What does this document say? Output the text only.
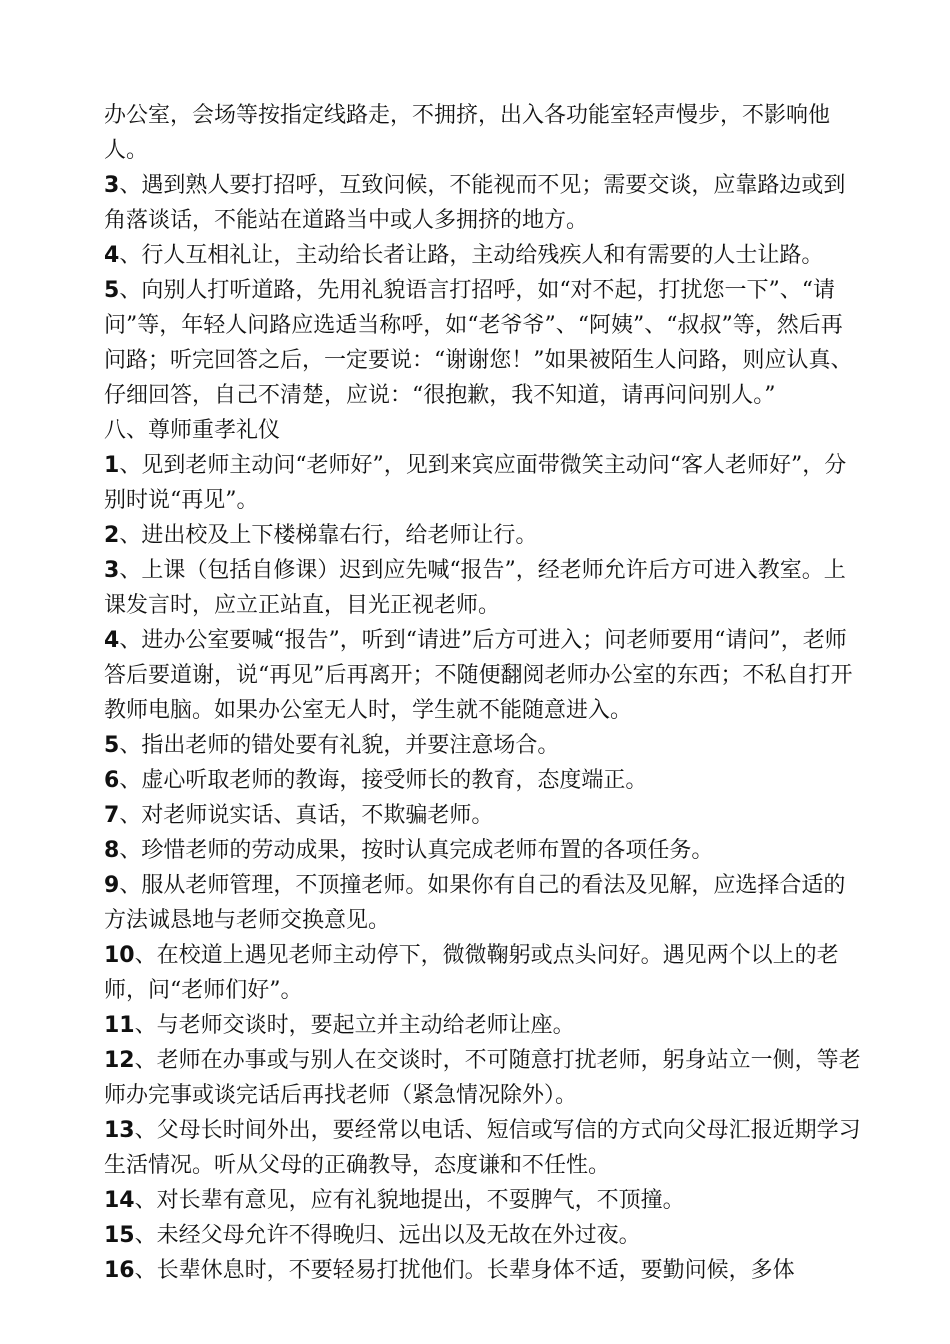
办公室，会场等按指定线路走，不拥挤，出入各功能室轻声慢步，不影响他人。

3、遇到熟人要打招呼，互致问候，不能视而不见；需要交谈，应靠路边或到角落谈话，不能站在道路当中或人多拥挤的地方。

4、行人互相礼让，主动给长者让路，主动给残疾人和有需要的人士让路。

5、向别人打听道路，先用礼貌语言打招呼，如“对不起，打扰您一下”、“请问”等，年轻人问路应选适当称呼，如“老爷爷”、“阿姨”、“叔叔”等，然后再问路；听完回答之后，一定要说：“谢谢您！”如果被陌生人问路，则应认真、仔细回答，自己不清楚，应说：“很抱歉，我不知道，请再问问别人。”

八、尊师重孝礼仪

1、见到老师主动问“老师好”，见到来宾应面带微笑主动问“客人老师好”，分别时说“再见”。

2、进出校及上下楼梯靠右行，给老师让行。

3、上课（包括自修课）迟到应先喊“报告”，经老师允许后方可进入教室。上课发言时，应立正站直，目光正视老师。

4、进办公室要喊“报告”，听到“请进”后方可进入；问老师要用“请问”，老师答后要道谢，说“再见”后再离开；不随便翻阅老师办公室的东西；不私自打开教师电脑。如果办公室无人时，学生就不能随意进入。

5、指出老师的错处要有礼貌，并要注意场合。

6、虚心听取老师的教诲，接受师长的教育，态度端正。

7、对老师说实话、真话，不欺骗老师。

8、珍惜老师的劳动成果，按时认真完成老师布置的各项任务。

9、服从老师管理，不顶撞老师。如果你有自己的看法及见解，应选择合适的方法诚恳地与老师交换意见。

10、在校道上遇见老师主动停下，微微鞠躬或点头问好。遇见两个以上的老师，问“老师们好”。

11、与老师交谈时，要起立并主动给老师让座。

12、老师在办事或与别人在交谈时，不可随意打扰老师，躬身站立一侧，等老师办完事或谈完话后再找老师（紧急情况除外）。

13、父母长时间外出，要经常以电话、短信或写信的方式向父母汇报近期学习生活情况。听从父母的正确教导，态度谦和不任性。

14、对长辈有意见，应有礼貌地提出，不耍脾气，不顶撞。

15、未经父母允许不得晚归、远出以及无故在外过夜。

16、长辈休息时，不要轻易打扰他们。长辈身体不适，要勤问候，多体
